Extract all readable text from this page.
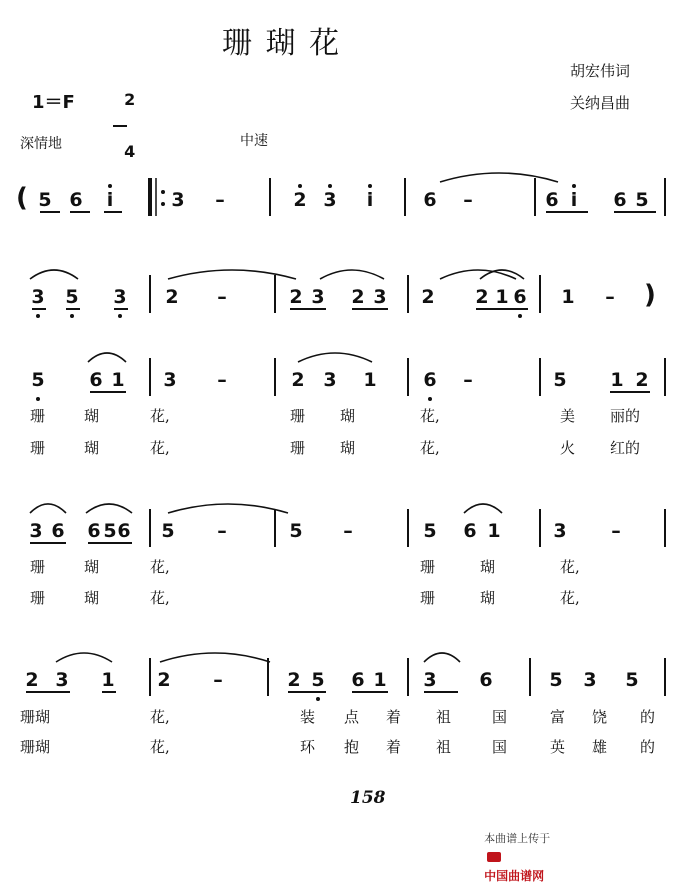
珊 瑚 花
胡宏伟词
关纳昌曲
1＝F	2

4

深情地	中速
( 5 6 i	3 –	2 3 i	6 –	6 i 6 5
3 5 3 2 –	2 3 2 3 2 2 1 6 1 – )
5 6 1 3 –	2 3 1 6 –	5 1 2
3 6 6 5 6 5 –	5 –	5 6 1	3 –
2 3 1 2 –	2 5 6 1 3 6	5 3 5
珊	瑚	花,	珊 瑚	花,	美 丽的
珊	瑚	花,	珊 瑚	花,	火 红的
珊	瑚	花,	珊	瑚	花,
珊	瑚	花,	珊	瑚	花,
珊瑚	花,	装 点 着 祖	国	富 饶 的
珊瑚	花,	环 抱 着 祖	国	英 雄 的
158

本曲谱上传于

中国曲谱网
